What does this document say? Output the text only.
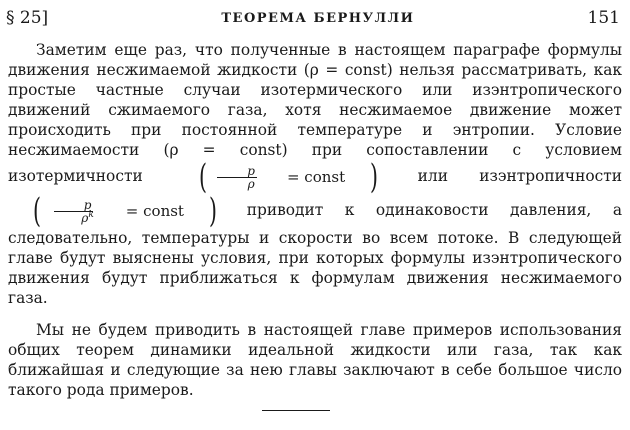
§ 25]	ТЕОРЕМА БЕРНУЛЛИ	151

Заметим еще раз, что полученные в настоящем параграфе формулы движения несжимаемой жидкости (ρ = const) нельзя рассматривать, как простые частные случаи изотермического или изэнтропического движений сжимаемого газа, хотя несжимаемое движение может происходить при постоянной температуре и энтропии. Условие несжимаемости (ρ = const) при сопоставлении с условием изотермичности	( $\frac{p}{\rho}$	= const )	или изэнтропичности
( $\frac{p}{\rho^k}$	= const ) приводит к одинаковости давления, а следовательно, температуры и скорости во всем потоке. В следующей главе будут выяснены условия, при которых формулы изэнтропического движения будут приближаться к формулам движения несжимаемого газа.

Мы не будем приводить в настоящей главе примеров использования общих теорем динамики идеальной жидкости или газа, так как ближайшая и следующие за нею главы заключают в себе большое число такого рода примеров.
